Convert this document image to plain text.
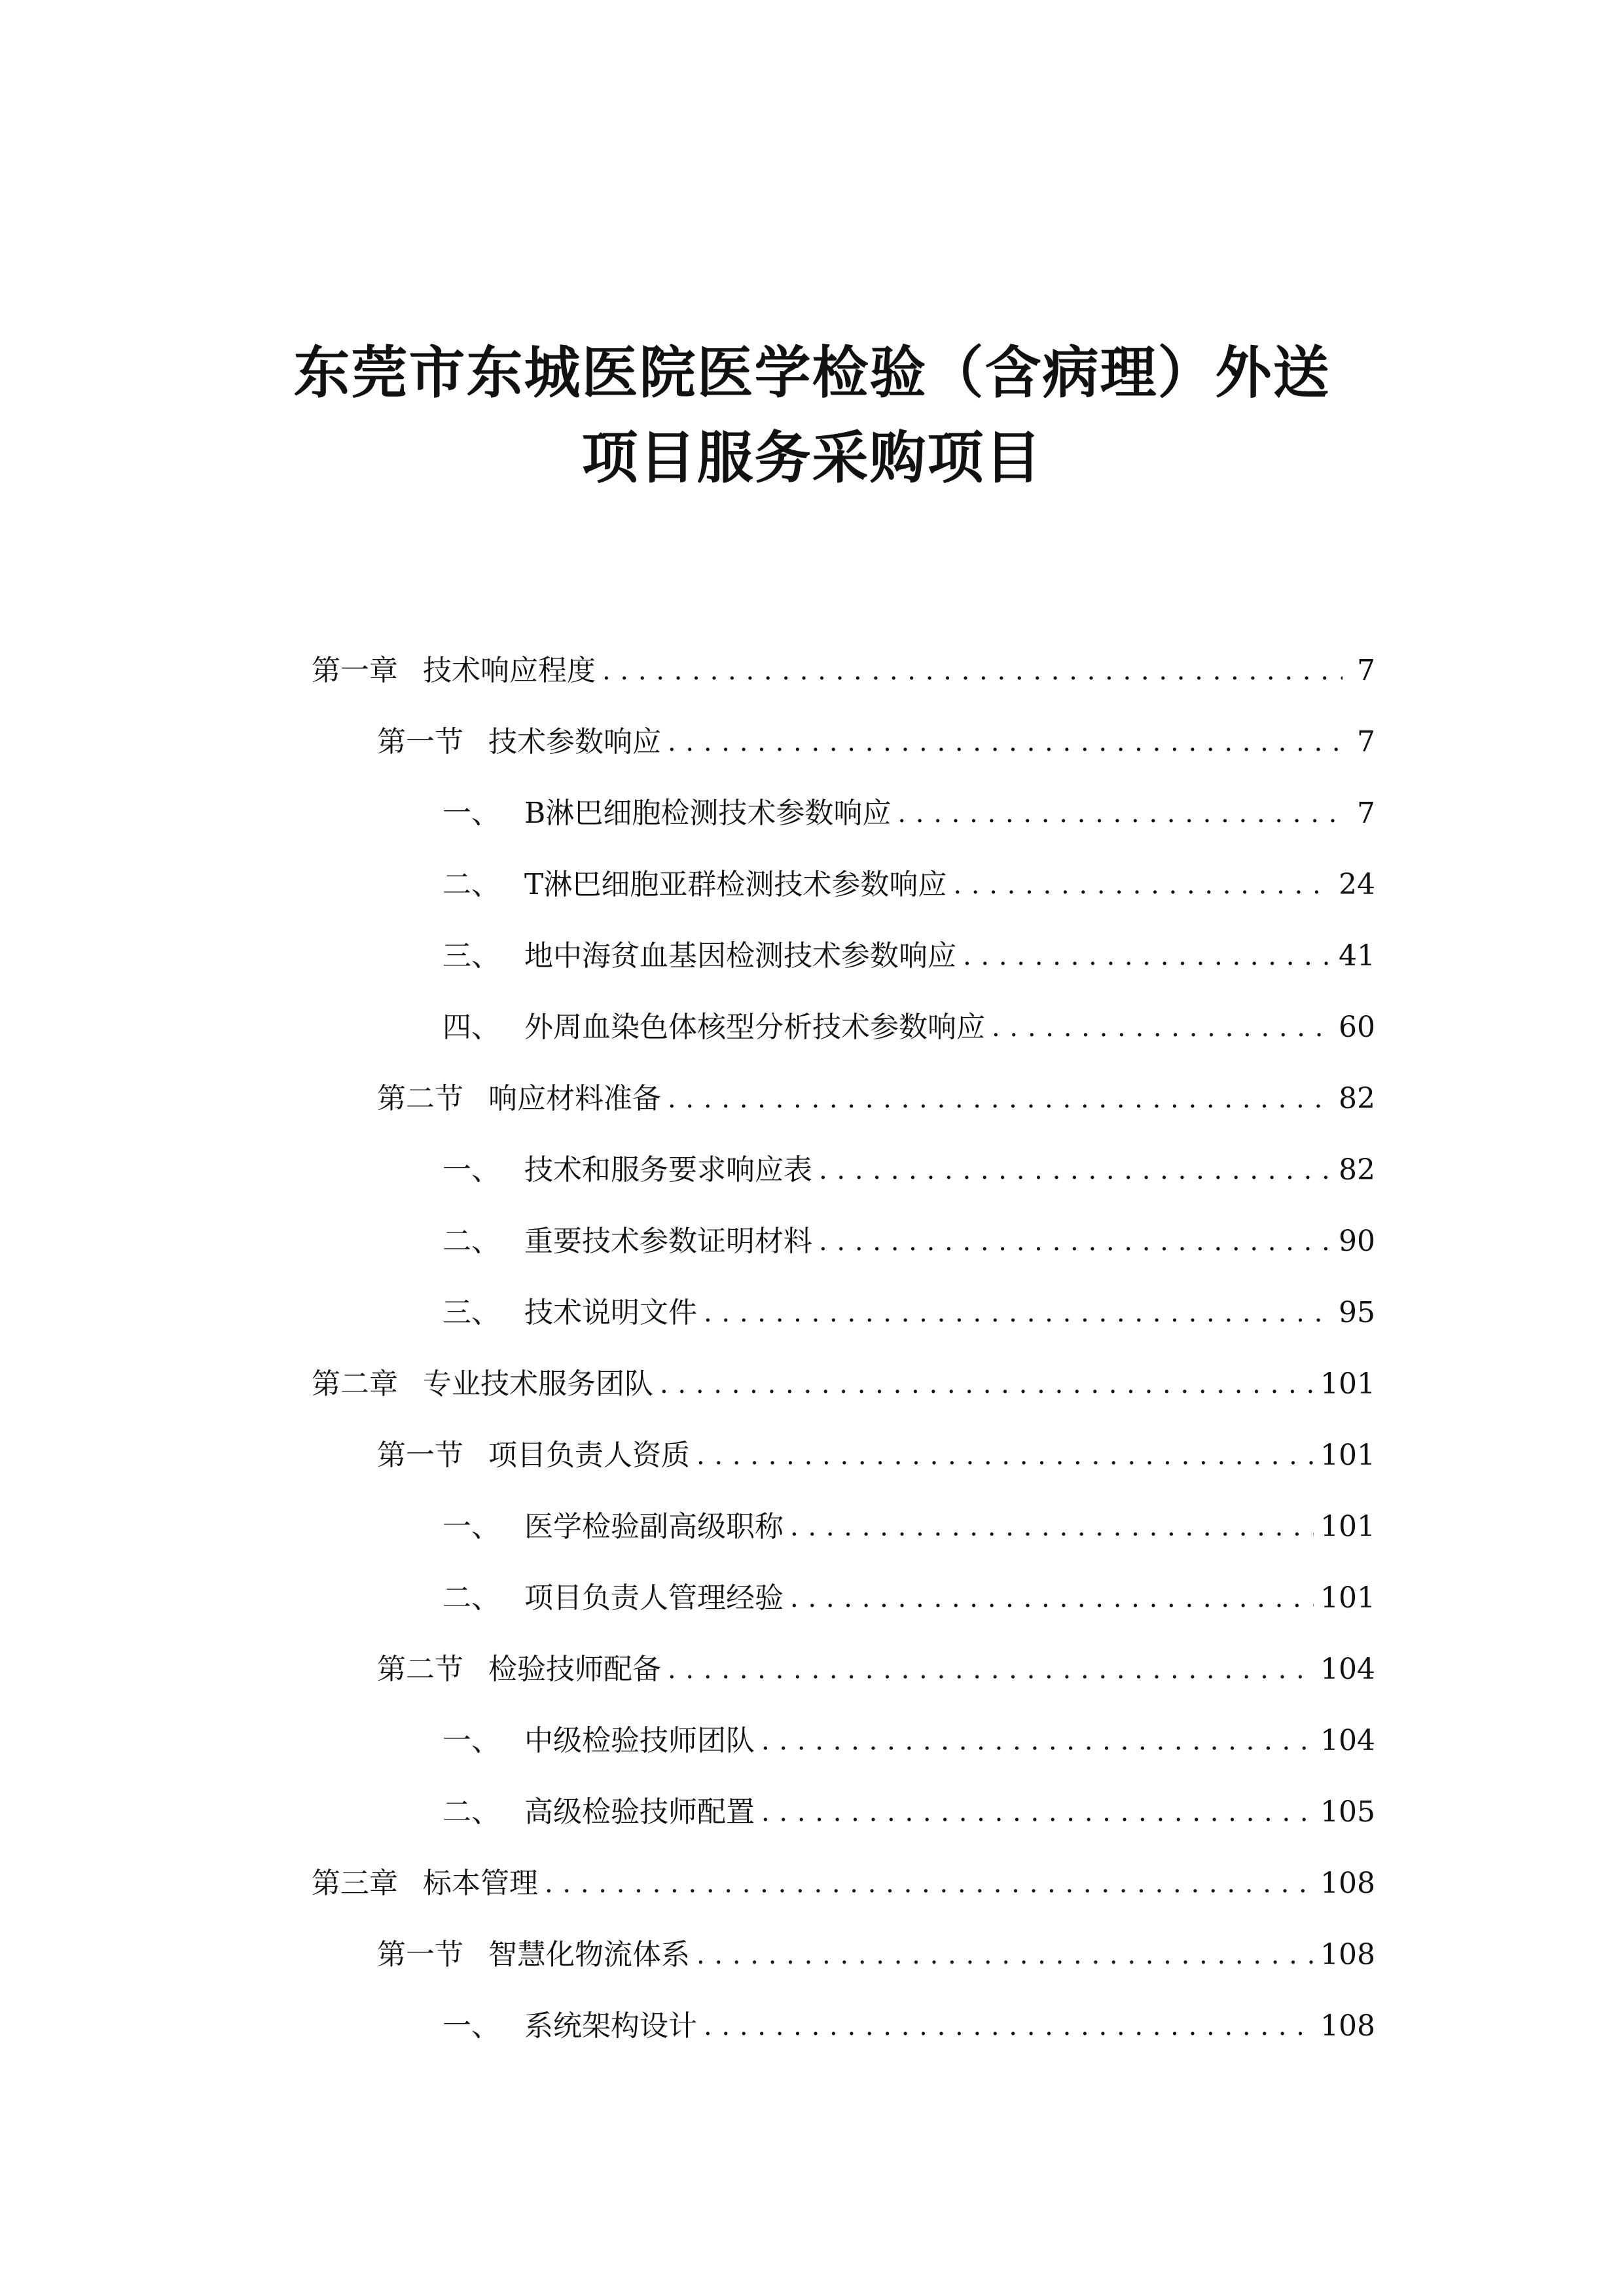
东莞市东城医院医学检验（含病理）外送
项目服务采购项目
第一章 技术响应程度 . . .	7
第一节 技术参数响应 . . .	7
一、 B淋巴细胞检测技术参数响应 . . .	7
二、 T淋巴细胞亚群检测技术参数响应 . . .	24
三、 地中海贫血基因检测技术参数响应 . . .	41
四、 外周血染色体核型分析技术参数响应 . . .	60
第二节 响应材料准备 . . .	82
一、 技术和服务要求响应表 . . .	82
二、 重要技术参数证明材料 . . .	90
三、 技术说明文件 . . .	95
第二章 专业技术服务团队 . . .	101
第一节 项目负责人资质 . . .	101
一、 医学检验副高级职称 . . .	101
二、 项目负责人管理经验 . . .	101
第二节 检验技师配备 . . .	104
一、 中级检验技师团队 . . .	104
二、 高级检验技师配置 . . .	105
第三章 标本管理 . . .	108
第一节 智慧化物流体系 . . .	108
一、 系统架构设计 . . .	108
